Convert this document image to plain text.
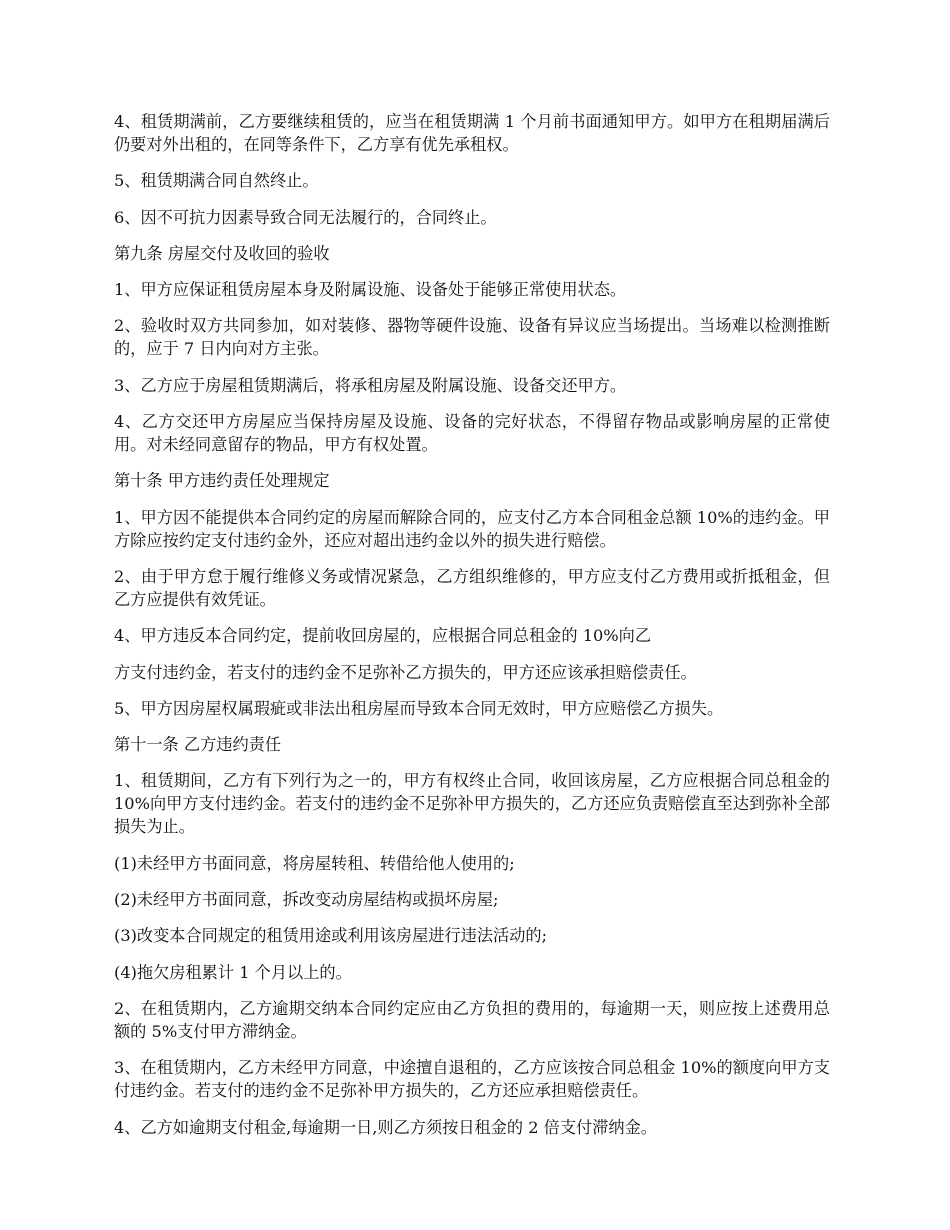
4、租赁期满前，乙方要继续租赁的，应当在租赁期满 1 个月前书面通知甲方。如甲方在租期届满后仍要对外出租的，在同等条件下，乙方享有优先承租权。

5、租赁期满合同自然终止。

6、因不可抗力因素导致合同无法履行的，合同终止。

第九条 房屋交付及收回的验收

1、甲方应保证租赁房屋本身及附属设施、设备处于能够正常使用状态。

2、验收时双方共同参加，如对装修、器物等硬件设施、设备有异议应当场提出。当场难以检测推断的，应于 7 日内向对方主张。

3、乙方应于房屋租赁期满后，将承租房屋及附属设施、设备交还甲方。

4、乙方交还甲方房屋应当保持房屋及设施、设备的完好状态，不得留存物品或影响房屋的正常使用。对未经同意留存的物品，甲方有权处置。

第十条 甲方违约责任处理规定

1、甲方因不能提供本合同约定的房屋而解除合同的，应支付乙方本合同租金总额 10%的违约金。甲方除应按约定支付违约金外，还应对超出违约金以外的损失进行赔偿。

2、由于甲方怠于履行维修义务或情况紧急，乙方组织维修的，甲方应支付乙方费用或折抵租金，但乙方应提供有效凭证。

4、甲方违反本合同约定，提前收回房屋的，应根据合同总租金的 10%向乙

方支付违约金，若支付的违约金不足弥补乙方损失的，甲方还应该承担赔偿责任。

5、甲方因房屋权属瑕疵或非法出租房屋而导致本合同无效时，甲方应赔偿乙方损失。

第十一条 乙方违约责任

1、租赁期间，乙方有下列行为之一的，甲方有权终止合同，收回该房屋，乙方应根据合同总租金的 10%向甲方支付违约金。若支付的违约金不足弥补甲方损失的，乙方还应负责赔偿直至达到弥补全部损失为止。

(1)未经甲方书面同意，将房屋转租、转借给他人使用的;

(2)未经甲方书面同意，拆改变动房屋结构或损坏房屋;

(3)改变本合同规定的租赁用途或利用该房屋进行违法活动的;

(4)拖欠房租累计 1 个月以上的。

2、在租赁期内，乙方逾期交纳本合同约定应由乙方负担的费用的，每逾期一天，则应按上述费用总额的 5%支付甲方滞纳金。

3、在租赁期内，乙方未经甲方同意，中途擅自退租的，乙方应该按合同总租金 10%的额度向甲方支付违约金。若支付的违约金不足弥补甲方损失的，乙方还应承担赔偿责任。

4、乙方如逾期支付租金,每逾期一日,则乙方须按日租金的 2 倍支付滞纳金。
